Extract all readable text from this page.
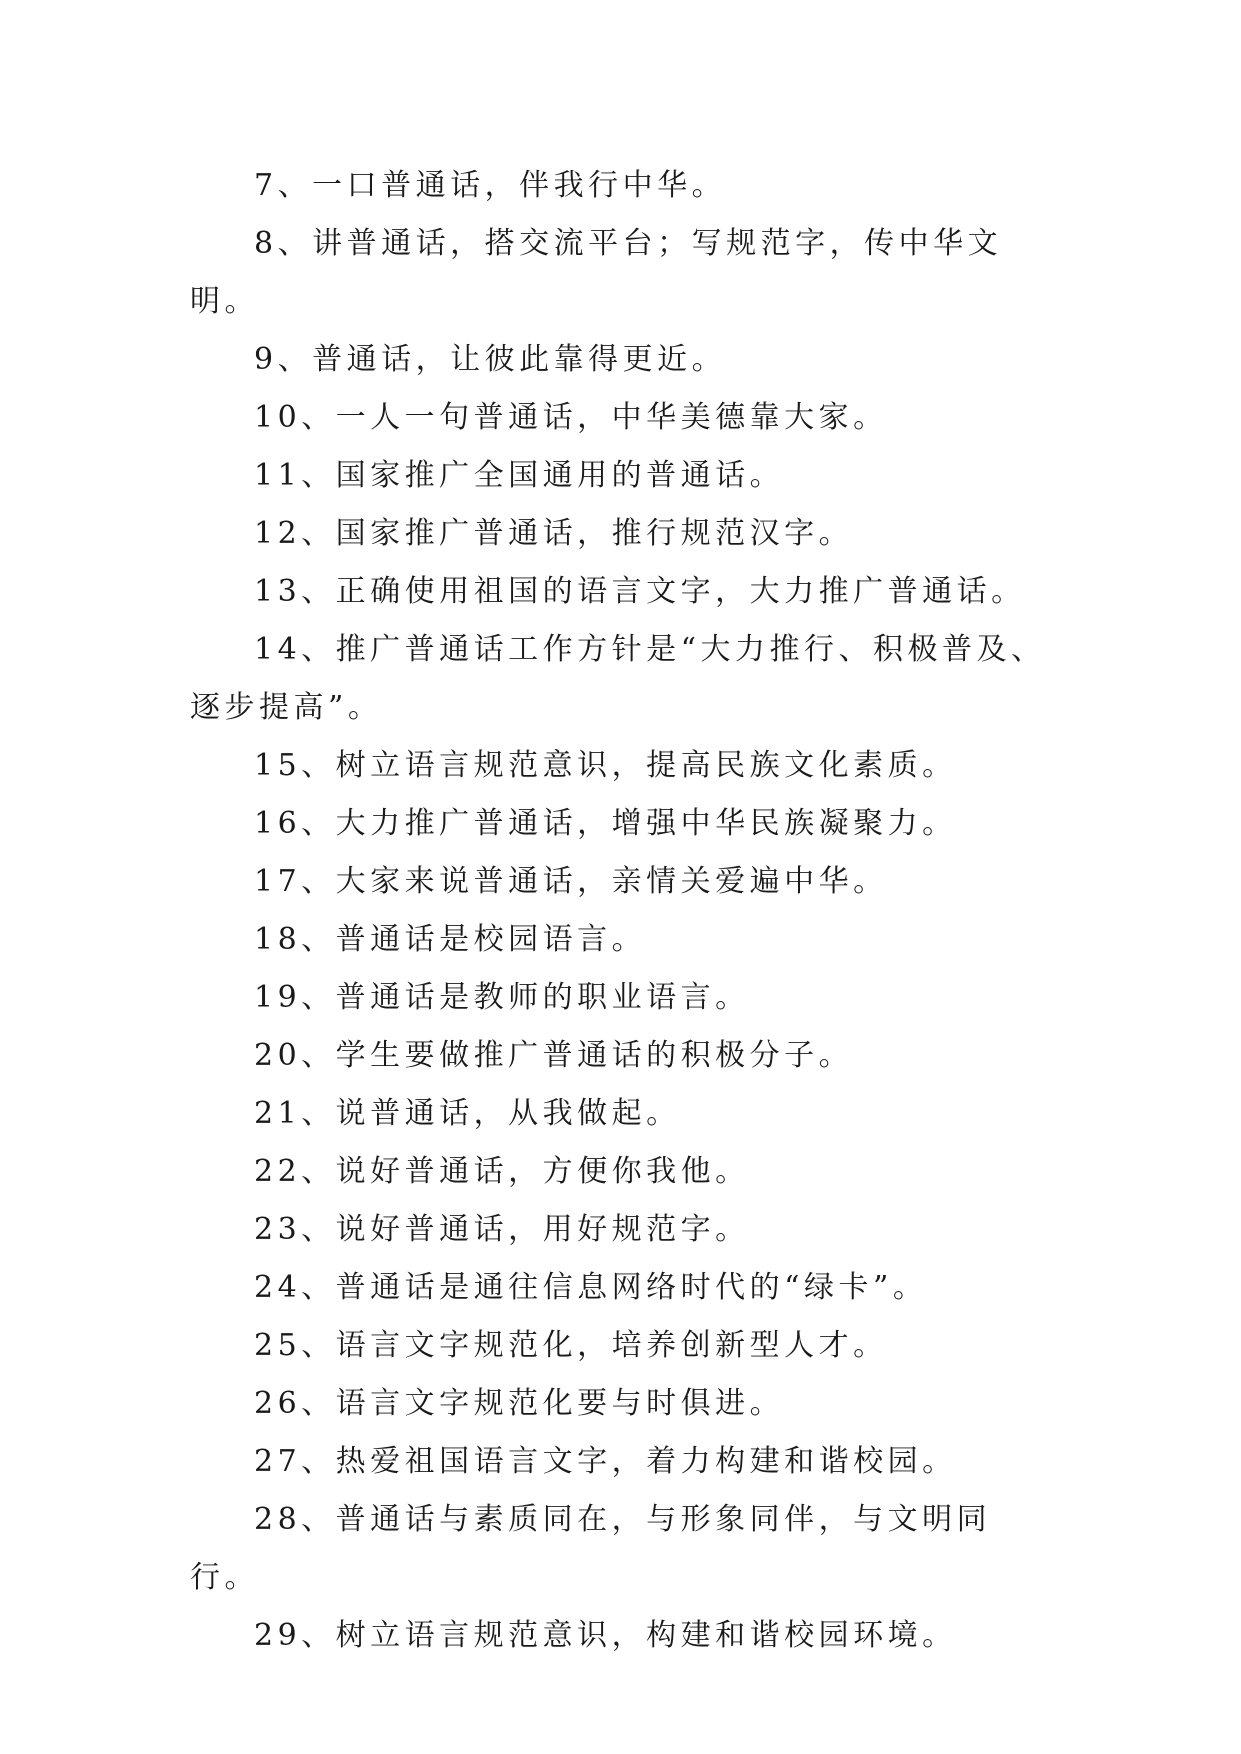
7、一口普通话，伴我行中华。

8、讲普通话，搭交流平台；写规范字，传中华文明。

9、普通话，让彼此靠得更近。

10、一人一句普通话，中华美德靠大家。

11、国家推广全国通用的普通话。

12、国家推广普通话，推行规范汉字。

13、正确使用祖国的语言文字，大力推广普通话。

14、推广普通话工作方针是“大力推行、积极普及、逐步提高”。

15、树立语言规范意识，提高民族文化素质。

16、大力推广普通话，增强中华民族凝聚力。

17、大家来说普通话，亲情关爱遍中华。

18、普通话是校园语言。

19、普通话是教师的职业语言。

20、学生要做推广普通话的积极分子。

21、说普通话，从我做起。

22、说好普通话，方便你我他。

23、说好普通话，用好规范字。

24、普通话是通往信息网络时代的“绿卡”。

25、语言文字规范化，培养创新型人才。

26、语言文字规范化要与时俱进。

27、热爱祖国语言文字，着力构建和谐校园。

28、普通话与素质同在，与形象同伴，与文明同行。

29、树立语言规范意识，构建和谐校园环境。
